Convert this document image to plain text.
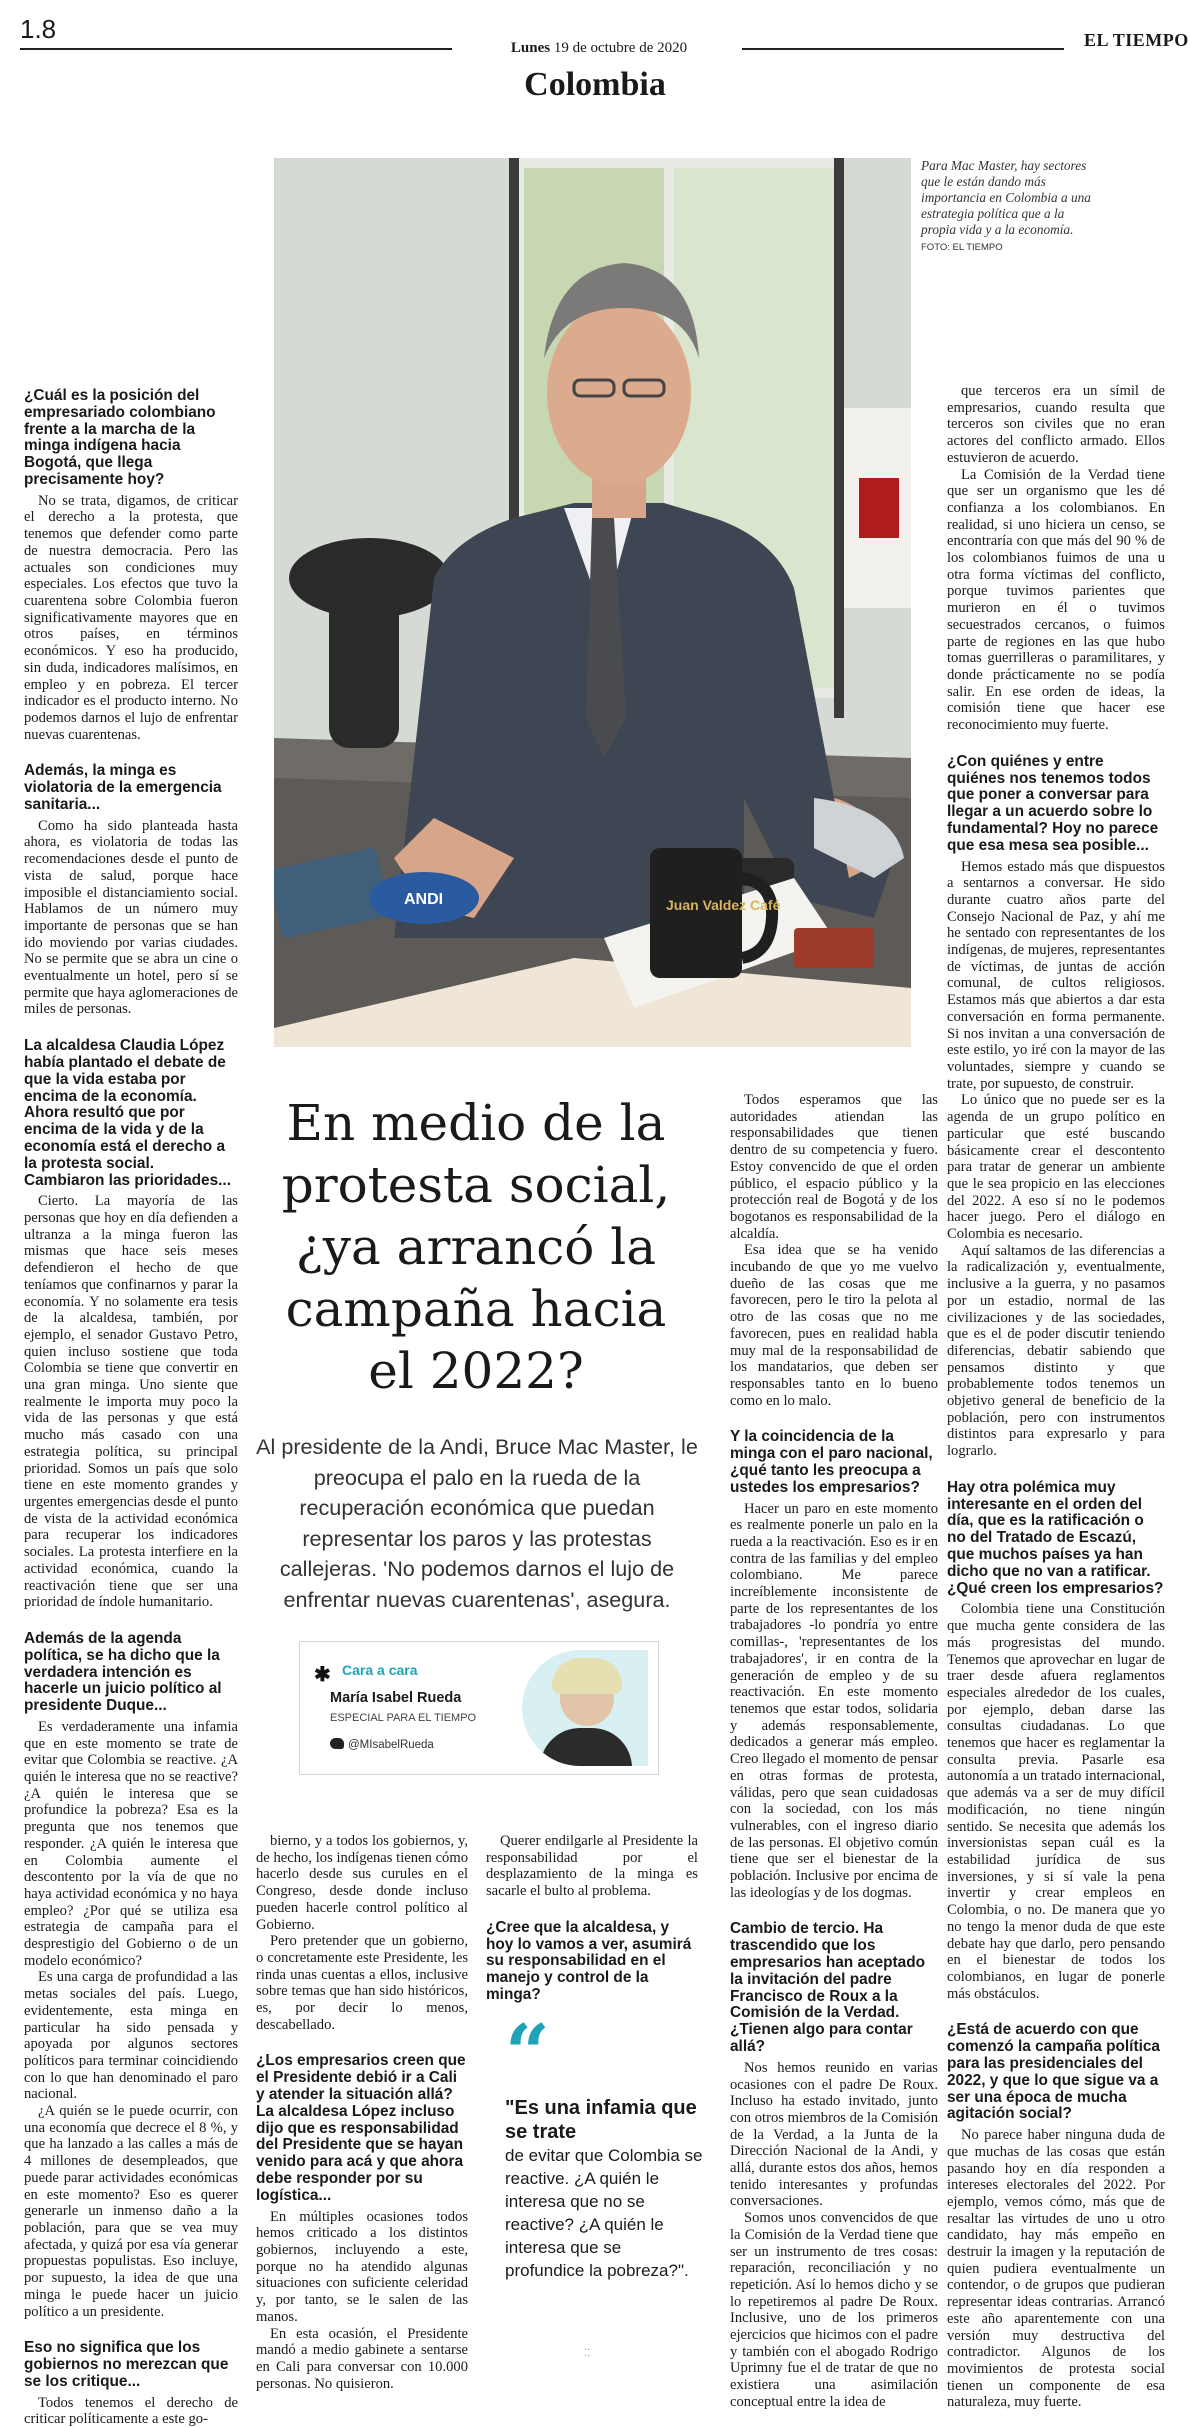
1.8
Lunes 19 de octubre de 2020
Colombia
EL TIEMPO
ANDI	Juan Valdez Café
Para Mac Master, hay sectores que le están dando más importancia en Colombia a una estrategia política que a la propia vida y a la economía. FOTO: EL TIEMPO
En medio de la protesta social, ¿ya arrancó la campaña hacia el 2022?
Al presidente de la Andi, Bruce Mac Master, le preocupa el palo en la rueda de la recuperación económica que puedan representar los paros y las protestas callejeras. 'No podemos darnos el lujo de enfrentar nuevas cuarentenas', asegura.
✱ Cara a cara
María Isabel Rueda
ESPECIAL PARA EL TIEMPO
@MIsabelRueda

¿Cuál es la posición del empresariado colombiano frente a la marcha de la minga indígena hacia Bogotá, que llega precisamente hoy?

No se trata, digamos, de criticar el derecho a la protesta, que tenemos que defender como parte de nuestra democracia. Pero las actuales son condiciones muy especiales. Los efectos que tuvo la cuarentena sobre Colombia fueron significativamente mayores que en otros países, en términos económicos. Y eso ha producido, sin duda, indicadores malísimos, en empleo y en pobreza. El tercer indicador es el producto interno. No podemos darnos el lujo de enfrentar nuevas cuarentenas.

Además, la minga es violatoria de la emergencia sanitaria...

Como ha sido planteada hasta ahora, es violatoria de todas las recomendaciones desde el punto de vista de salud, porque hace imposible el distanciamiento social. Hablamos de un número muy importante de personas que se han ido moviendo por varias ciudades. No se permite que se abra un cine o eventualmente un hotel, pero sí se permite que haya aglomeraciones de miles de personas.

La alcaldesa Claudia López había plantado el debate de que la vida estaba por encima de la economía. Ahora resultó que por encima de la vida y de la economía está el derecho a la protesta social. Cambiaron las prioridades...

Cierto. La mayoría de las personas que hoy en día defienden a ultranza a la minga fueron las mismas que hace seis meses defendieron el hecho de que teníamos que confinarnos y parar la economía. Y no solamente era tesis de la alcaldesa, también, por ejemplo, el senador Gustavo Petro, quien incluso sostiene que toda Colombia se tiene que convertir en una gran minga. Uno siente que realmente le importa muy poco la vida de las personas y que está mucho más casado con una estrategia política, su principal prioridad. Somos un país que solo tiene en este momento grandes y urgentes emergencias desde el punto de vista de la actividad económica para recuperar los indicadores sociales. La protesta interfiere en la actividad económica, cuando la reactivación tiene que ser una prioridad de índole humanitario.

Además de la agenda política, se ha dicho que la verdadera intención es hacerle un juicio político al presidente Duque...

Es verdaderamente una infamia que en este momento se trate de evitar que Colombia se reactive. ¿A quién le interesa que no se reactive? ¿A quién le interesa que se profundice la pobreza? Esa es la pregunta que nos tenemos que responder. ¿A quién le interesa que en Colombia aumente el descontento por la vía de que no haya actividad económica y no haya empleo? ¿Por qué se utiliza esa estrategia de campaña para el desprestigio del Gobierno o de un modelo económico?

Es una carga de profundidad a las metas sociales del país. Luego, evidentemente, esta minga en particular ha sido pensada y apoyada por algunos sectores políticos para terminar coincidiendo con lo que han denominado el paro nacional.

¿A quién se le puede ocurrir, con una economía que decrece el 8 %, y que ha lanzado a las calles a más de 4 millones de desempleados, que puede parar actividades económicas en este momento? Eso es querer generarle un inmenso daño a la población, para que se vea muy afectada, y quizá por esa vía generar propuestas populistas. Eso incluye, por supuesto, la idea de que una minga le puede hacer un juicio político a un presidente.

Eso no significa que los gobiernos no merezcan que se los critique...

Todos tenemos el derecho de criticar políticamente a este go-

bierno, y a todos los gobiernos, y, de hecho, los indígenas tienen cómo hacerlo desde sus curules en el Congreso, desde donde incluso pueden hacerle control político al Gobierno.

Pero pretender que un gobierno, o concretamente este Presidente, les rinda unas cuentas a ellos, inclusive sobre temas que han sido históricos, es, por decir lo menos, descabellado.

¿Los empresarios creen que el Presidente debió ir a Cali y atender la situación allá? La alcaldesa López incluso dijo que es responsabilidad del Presidente que se hayan venido para acá y que ahora debe responder por su logística...

En múltiples ocasiones todos hemos criticado a los distintos gobiernos, incluyendo a este, porque no ha atendido algunas situaciones con suficiente celeridad y, por tanto, se le salen de las manos.

En esta ocasión, el Presidente mandó a medio gabinete a sentarse en Cali para conversar con 10.000 personas. No quisieron.

Querer endilgarle al Presidente la responsabilidad por el desplazamiento de la minga es sacarle el bulto al problema.

¿Cree que la alcaldesa, y hoy lo vamos a ver, asumirá su responsabilidad en el manejo y control de la minga?

Todos esperamos que las autoridades atiendan las responsabilidades que tienen dentro de su competencia y fuero. Estoy convencido de que el orden público, el espacio público y la protección real de Bogotá y de los bogotanos es responsabilidad de la alcaldía.

Esa idea que se ha venido incubando de que yo me vuelvo dueño de las cosas que me favorecen, pero le tiro la pelota al otro de las cosas que no me favorecen, pues en realidad habla muy mal de la responsabilidad de los mandatarios, que deben ser responsables tanto en lo bueno como en lo malo.

Y la coincidencia de la minga con el paro nacional, ¿qué tanto les preocupa a ustedes los empresarios?

Hacer un paro en este momento es realmente ponerle un palo en la rueda a la reactivación. Eso es ir en contra de las familias y del empleo colombiano. Me parece increíblemente inconsistente de parte de los representantes de los trabajadores -lo pondría yo entre comillas-, 'representantes de los trabajadores', ir en contra de la generación de empleo y de su reactivación. En este momento tenemos que estar todos, solidaria y además responsablemente, dedicados a generar más empleo. Creo llegado el momento de pensar en otras formas de protesta, válidas, pero que sean cuidadosas con la sociedad, con los más vulnerables, con el ingreso diario de las personas. El objetivo común tiene que ser el bienestar de la población. Inclusive por encima de las ideologías y de los dogmas.

Cambio de tercio. Ha trascendido que los empresarios han aceptado la invitación del padre Francisco de Roux a la Comisión de la Verdad. ¿Tienen algo para contar allá?

Nos hemos reunido en varias ocasiones con el padre De Roux. Incluso ha estado invitado, junto con otros miembros de la Comisión de la Verdad, a la Junta de la Dirección Nacional de la Andi, y allá, durante estos dos años, hemos tenido interesantes y profundas conversaciones.

Somos unos convencidos de que la Comisión de la Verdad tiene que ser un instrumento de tres cosas: reparación, reconciliación y no repetición. Así lo hemos dicho y se lo repetiremos al padre De Roux. Inclusive, uno de los primeros ejercicios que hicimos con el padre y también con el abogado Rodrigo Uprimny fue el de tratar de que no existiera una asimilación conceptual entre la idea de

que terceros era un símil de empresarios, cuando resulta que terceros son civiles que no eran actores del conflicto armado. Ellos estuvieron de acuerdo.

La Comisión de la Verdad tiene que ser un organismo que les dé confianza a los colombianos. En realidad, si uno hiciera un censo, se encontraría con que más del 90 % de los colombianos fuimos de una u otra forma víctimas del conflicto, porque tuvimos parientes que murieron en él o tuvimos secuestrados cercanos, o fuimos parte de regiones en las que hubo tomas guerrilleras o paramilitares, y donde prácticamente no se podía salir. En ese orden de ideas, la comisión tiene que hacer ese reconocimiento muy fuerte.

¿Con quiénes y entre quiénes nos tenemos todos que poner a conversar para llegar a un acuerdo sobre lo fundamental? Hoy no parece que esa mesa sea posible...

Hemos estado más que dispuestos a sentarnos a conversar. He sido durante cuatro años parte del Consejo Nacional de Paz, y ahí me he sentado con representantes de los indígenas, de mujeres, representantes de víctimas, de juntas de acción comunal, de cultos religiosos. Estamos más que abiertos a dar esta conversación en forma permanente. Si nos invitan a una conversación de este estilo, yo iré con la mayor de las voluntades, siempre y cuando se trate, por supuesto, de construir.

Lo único que no puede ser es la agenda de un grupo político en particular que esté buscando básicamente crear el descontento para tratar de generar un ambiente que le sea propicio en las elecciones del 2022. A eso sí no le podemos hacer juego. Pero el diálogo en Colombia es necesario.

Aquí saltamos de las diferencias a la radicalización y, eventualmente, inclusive a la guerra, y no pasamos por un estadio, normal de las civilizaciones y de las sociedades, que es el de poder discutir teniendo diferencias, debatir sabiendo que pensamos distinto y que probablemente todos tenemos un objetivo general de beneficio de la población, pero con instrumentos distintos para expresarlo y para lograrlo.

Hay otra polémica muy interesante en el orden del día, que es la ratificación o no del Tratado de Escazú, que muchos países ya han dicho que no van a ratificar. ¿Qué creen los empresarios?

Colombia tiene una Constitución que mucha gente considera de las más progresistas del mundo. Tenemos que aprovechar en lugar de traer desde afuera reglamentos especiales alrededor de los cuales, por ejemplo, deban darse las consultas ciudadanas. Lo que tenemos que hacer es reglamentar la consulta previa. Pasarle esa autonomía a un tratado internacional, que además va a ser de muy difícil modificación, no tiene ningún sentido. Se necesita que además los inversionistas sepan cuál es la estabilidad jurídica de sus inversiones, y si sí vale la pena invertir y crear empleos en Colombia, o no. De manera que yo no tengo la menor duda de que este debate hay que darlo, pero pensando en el bienestar de todos los colombianos, en lugar de ponerle más obstáculos.

¿Está de acuerdo con que comenzó la campaña política para las presidenciales del 2022, y que lo que sigue va a ser una época de mucha agitación social?

No parece haber ninguna duda de que muchas de las cosas que están pasando hoy en día responden a intereses electorales del 2022. Por ejemplo, vemos cómo, más que de resaltar las virtudes de uno u otro candidato, hay más empeño en destruir la imagen y la reputación de quien pudiera eventualmente un contendor, o de grupos que pudieran representar ideas contrarias. Arrancó este año aparentemente con una versión muy destructiva del contradictor. Algunos de los movimientos de protesta social tienen un componente de esa naturaleza, muy fuerte.

“
"Es una infamia que se trate
de evitar que Colombia se reactive. ¿A quién le interesa que no se reactive? ¿A quién le interesa que se profundice la pobreza?".
⁚⁚
